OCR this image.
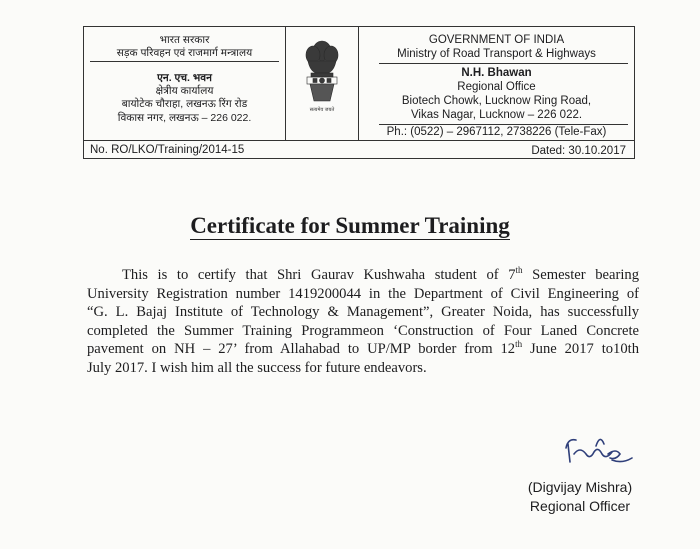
भारत सरकार
सड़क परिवहन एवं राजमार्ग मन्त्रालय
एन. एच. भवन
क्षेत्रीय कार्यालय
बायोटेक चौराहा, लखनऊ रिंग रोड
विकास नगर, लखनऊ – 226 022.
सत्यमेव जयते
GOVERNMENT OF INDIA
Ministry of Road Transport & Highways
N.H. Bhawan
Regional Office
Biotech Chowk, Lucknow Ring Road,
Vikas Nagar, Lucknow – 226 022.
Ph.: (0522) – 2967112, 2738226 (Tele-Fax)
No. RO/LKO/Training/2014-15	Dated: 30.10.2017
Certificate for Summer Training
This is to certify that Shri Gaurav Kushwaha student of 7th Semester bearing
University Registration number 1419200044 in the Department of Civil Engineering of
“G. L. Bajaj Institute of Technology & Management”, Greater Noida, has successfully
completed the Summer Training Programmeon ‘Construction of Four Laned Concrete
pavement on NH – 27’ from Allahabad to UP/MP border from 12th June 2017 to10th
July 2017. I wish him all the success for future endeavors.
(Digvijay Mishra)
Regional Officer
